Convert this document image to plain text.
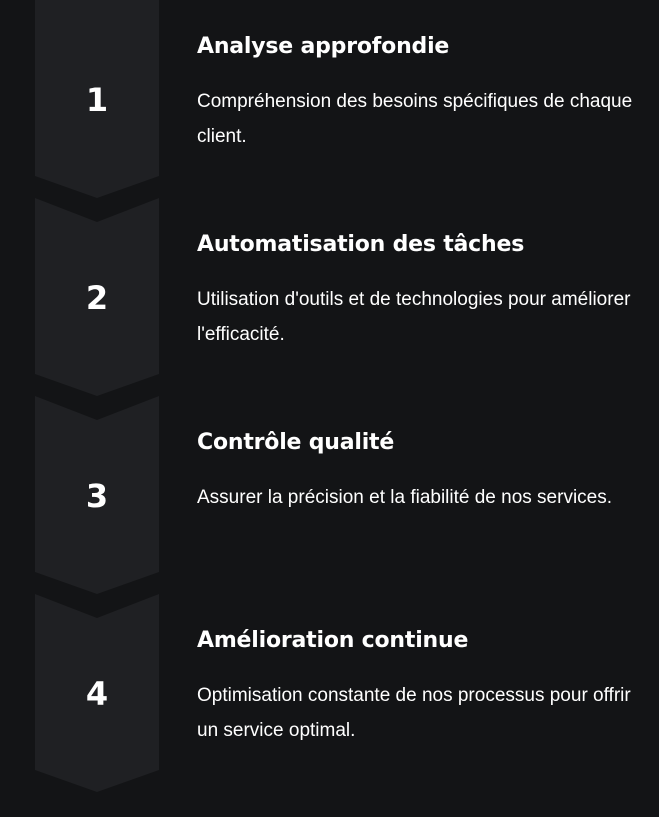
1
Analyse approfondie

Compréhension des besoins spécifiques de chaque client.

2
Automatisation des tâches

Utilisation d'outils et de technologies pour améliorer l'efficacité.

3
Contrôle qualité

Assurer la précision et la fiabilité de nos services.

4
Amélioration continue

Optimisation constante de nos processus pour offrir un service optimal.
